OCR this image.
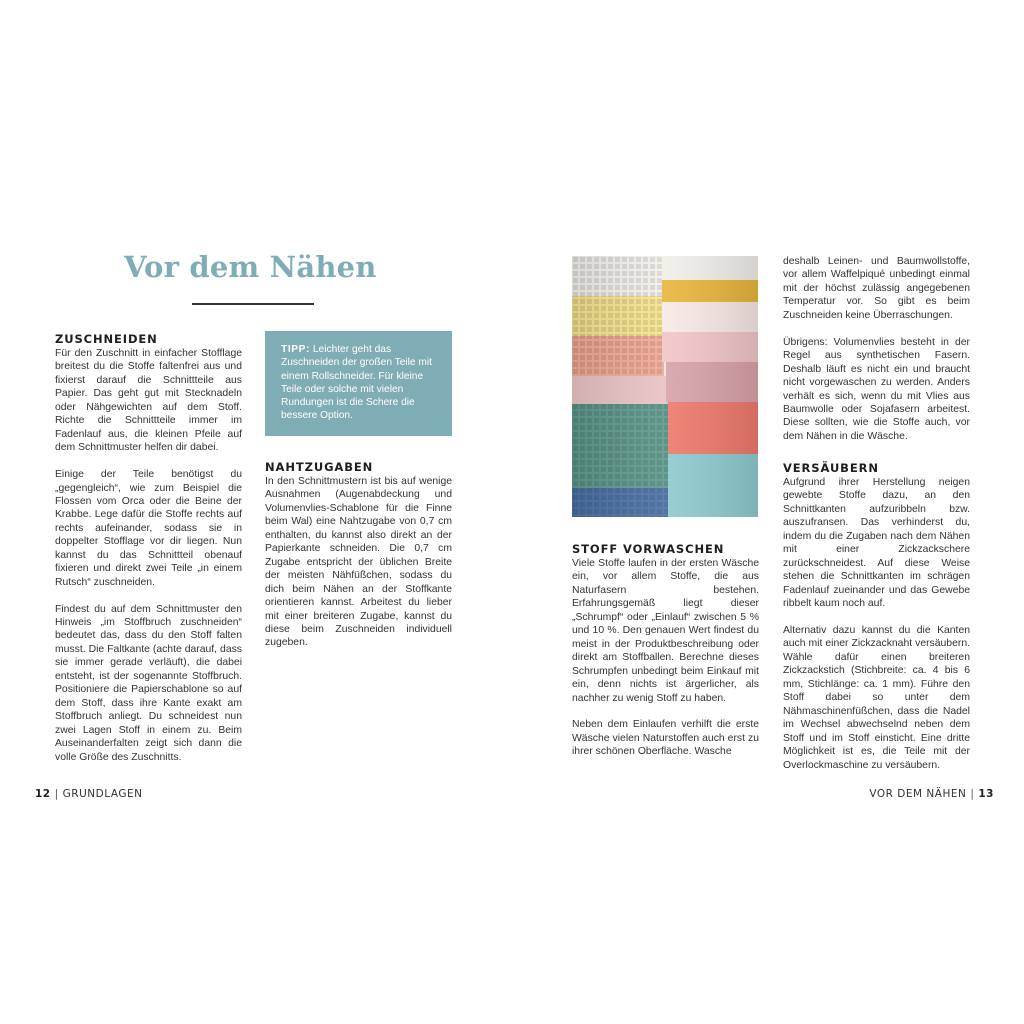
Vor dem Nähen
ZUSCHNEIDEN

Für den Zuschnitt in einfacher Stofflage breitest du die Stoffe faltenfrei aus und fixierst darauf die Schnittteile aus Papier. Das geht gut mit Stecknadeln oder Nähgewichten auf dem Stoff. Richte die Schnittteile immer im Fadenlauf aus, die kleinen Pfeile auf dem Schnittmuster helfen dir dabei.

Einige der Teile benötigst du „gegengleich“, wie zum Beispiel die Flossen vom Orca oder die Beine der Krabbe. Lege dafür die Stoffe rechts auf rechts aufeinander, sodass sie in doppelter Stofflage vor dir liegen. Nun kannst du das Schnittteil obenauf fixieren und direkt zwei Teile „in einem Rutsch“ zuschneiden.

Findest du auf dem Schnittmuster den Hinweis „im Stoffbruch zuschneiden“ bedeutet das, dass du den Stoff falten musst. Die Faltkante (achte darauf, dass sie immer gerade verläuft), die dabei entsteht, ist der sogenannte Stoffbruch. Positioniere die Papierschablone so auf dem Stoff, dass ihre Kante exakt am Stoffbruch anliegt. Du schneidest nun zwei Lagen Stoff in einem zu. Beim Auseinanderfalten zeigt sich dann die volle Größe des Zuschnitts.

TIPP: Leichter geht das Zuschneiden der großen Teile mit einem Rollschneider. Für kleine Teile oder solche mit vielen Rundungen ist die Schere die bessere Option.
NAHTZUGABEN

In den Schnittmustern ist bis auf wenige Ausnahmen (Augenabdeckung und Volumenvlies-Schablone für die Finne beim Wal) eine Nahtzugabe von 0,7 cm enthalten, du kannst also direkt an der Papierkante schneiden. Die 0,7 cm Zugabe entspricht der üblichen Breite der meisten Nähfüßchen, sodass du dich beim Nähen an der Stoffkante orientieren kannst. Arbeitest du lieber mit einer breiteren Zugabe, kannst du diese beim Zuschneiden individuell zugeben.

12 | GRUNDLAGEN
STOFF VORWASCHEN

Viele Stoffe laufen in der ersten Wäsche ein, vor allem Stoffe, die aus Naturfasern bestehen. Erfahrungsgemäß liegt dieser „Schrumpf“ oder „Einlauf“ zwischen 5 % und 10 %. Den genauen Wert findest du meist in der Produktbeschreibung oder direkt am Stoffballen. Berechne dieses Schrumpfen unbedingt beim Einkauf mit ein, denn nichts ist ärgerlicher, als nachher zu wenig Stoff zu haben.

Neben dem Einlaufen verhilft die erste Wäsche vielen Naturstoffen auch erst zu ihrer schönen Oberfläche. Wasche

deshalb Leinen- und Baumwollstoffe, vor allem Waffelpiqué unbedingt einmal mit der höchst zulässig angegebenen Temperatur vor. So gibt es beim Zuschneiden keine Überraschungen.

Übrigens: Volumenvlies besteht in der Regel aus synthetischen Fasern. Deshalb läuft es nicht ein und braucht nicht vorgewaschen zu werden. Anders verhält es sich, wenn du mit Vlies aus Baumwolle oder Sojafasern arbeitest. Diese sollten, wie die Stoffe auch, vor dem Nähen in die Wäsche.

VERSÄUBERN

Aufgrund ihrer Herstellung neigen gewebte Stoffe dazu, an den Schnittkanten aufzuribbeln bzw. auszufransen. Das verhinderst du, indem du die Zugaben nach dem Nähen mit einer Zickzackschere zurückschneidest. Auf diese Weise stehen die Schnittkanten im schrägen Fadenlauf zueinander und das Gewebe ribbelt kaum noch auf.

Alternativ dazu kannst du die Kanten auch mit einer Zickzacknaht versäubern. Wähle dafür einen breiteren Zickzackstich (Stichbreite: ca. 4 bis 6 mm, Stichlänge: ca. 1 mm). Führe den Stoff dabei so unter dem Nähmaschinenfüßchen, dass die Nadel im Wechsel abwechselnd neben dem Stoff und im Stoff einsticht. Eine dritte Möglichkeit ist es, die Teile mit der Overlockmaschine zu versäubern.

VOR DEM NÄHEN | 13
